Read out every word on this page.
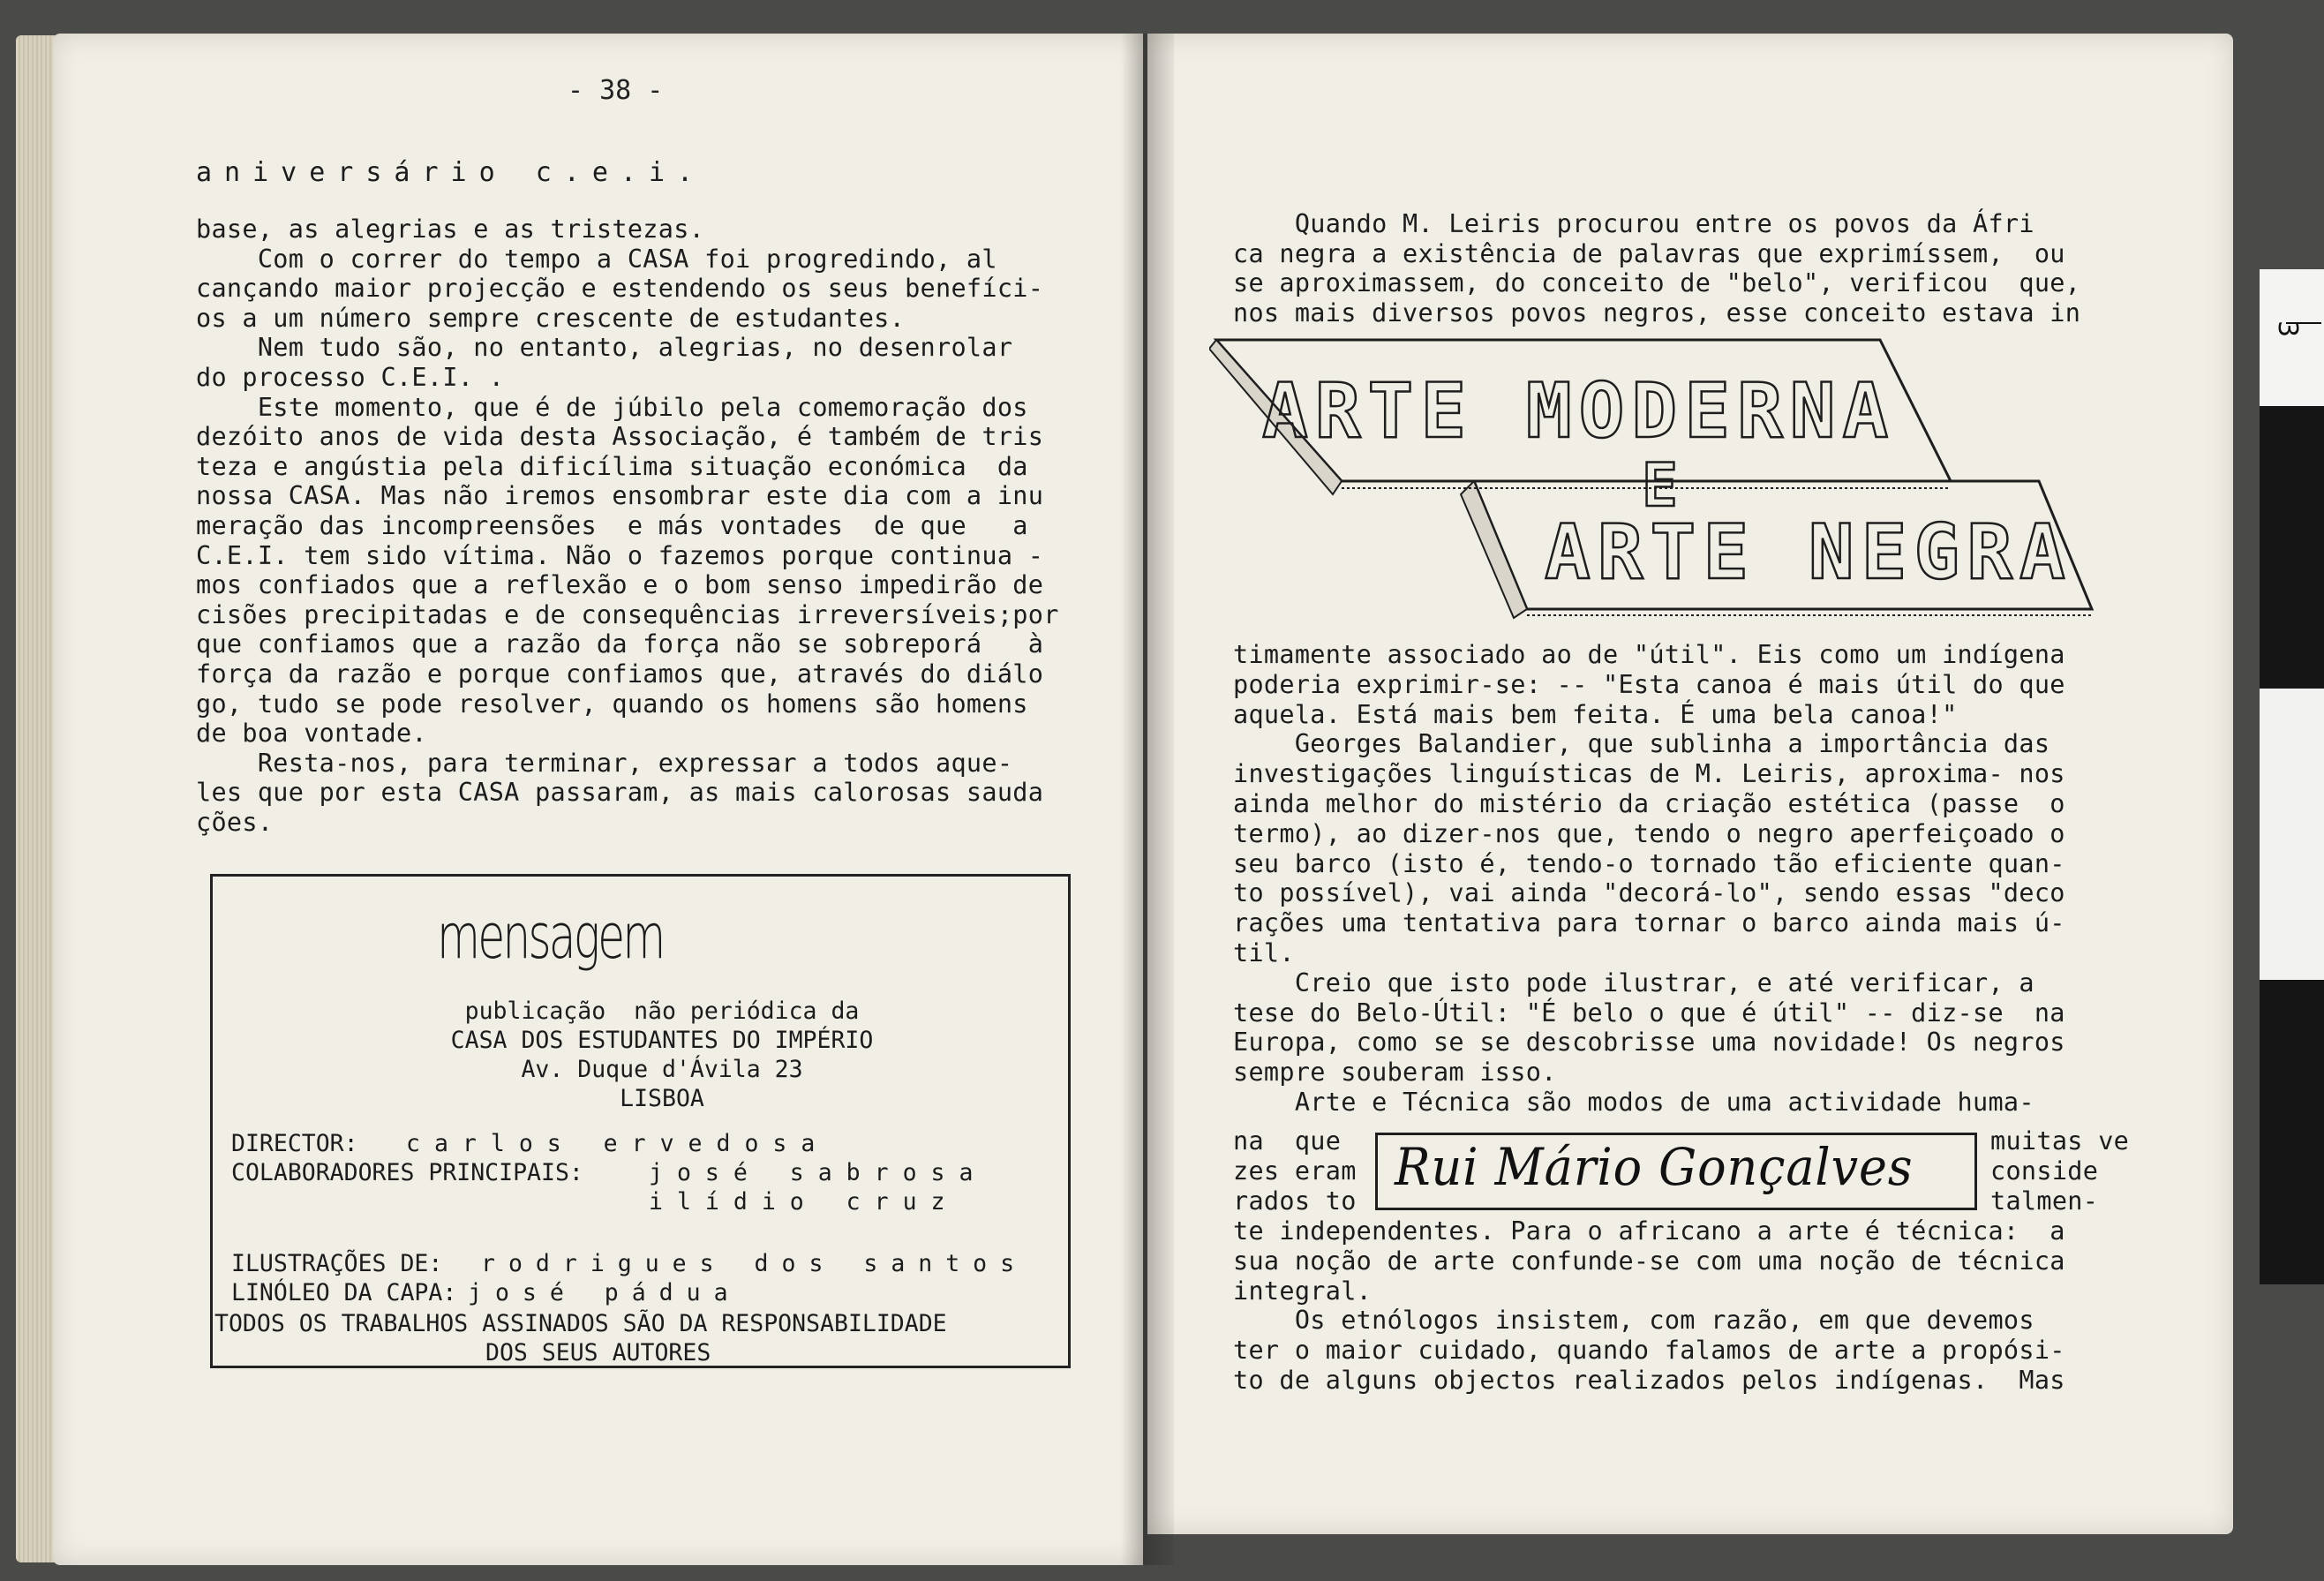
3
- 38 -
aniversário c.e.i.
base, as alegrias e as tristezas.
Com o correr do tempo a CASA foi progredindo, al
cançando maior projecção e estendendo os seus benefíci-
os a um número sempre crescente de estudantes.
Nem tudo são, no entanto, alegrias, no desenrolar
do processo C.E.I. .
Este momento, que é de júbilo pela comemoração dos
dezóito anos de vida desta Associação, é também de tris
teza e angústia pela dificílima situação económica  da
nossa CASA. Mas não iremos ensombrar este dia com a inu
meração das incompreensões  e más vontades  de que   a
C.E.I. tem sido vítima. Não o fazemos porque continua -
mos confiados que a reflexão e o bom senso impedirão de
cisões precipitadas e de consequências irreversíveis;por
que confiamos que a razão da força não se sobreporá   à
força da razão e porque confiamos que, através do diálo
go, tudo se pode resolver, quando os homens são homens
de boa vontade.
Resta-nos, para terminar, expressar a todos aque-
les que por esta CASA passaram, as mais calorosas sauda
ções.
mensagem
publicação  não periódica da
CASA DOS ESTUDANTES DO IMPÉRIO
Av. Duque d'Ávila 23
LISBOA
DIRECTOR: carlos ervedosa
COLABORADORES PRINCIPAIS:	josé sabrosa
ilídio cruz
ILUSTRAÇÕES DE: rodrigues dos santos
LINÓLEO DA CAPA: josé pádua
TODOS OS TRABALHOS ASSINADOS SÃO DA RESPONSABILIDADE
DOS SEUS AUTORES
Quando M. Leiris procurou entre os povos da Áfri
ca negra a existência de palavras que exprimíssem,  ou
se aproximassem, do conceito de "belo", verificou  que,
nos mais diversos povos negros, esse conceito estava in
ARTE MODERNA
E
ARTE NEGRA
timamente associado ao de "útil". Eis como um indígena
poderia exprimir-se: -- "Esta canoa é mais útil do que
aquela. Está mais bem feita. É uma bela canoa!"
Georges Balandier, que sublinha a importância das
investigações linguísticas de M. Leiris, aproxima- nos
ainda melhor do mistério da criação estética (passe  o
termo), ao dizer-nos que, tendo o negro aperfeiçoado o
seu barco (isto é, tendo-o tornado tão eficiente quan-
to possível), vai ainda "decorá-lo", sendo essas "deco
rações uma tentativa para tornar o barco ainda mais ú-
til.
Creio que isto pode ilustrar, e até verificar, a
tese do Belo-Útil: "É belo o que é útil" -- diz-se  na
Europa, como se se descobrisse uma novidade! Os negros
sempre souberam isso.
Arte e Técnica são modos de uma actividade huma-
na  que
zes eram
rados to
muitas ve
conside
talmen-
Rui Mário Gonçalves
te independentes. Para o africano a arte é técnica:  a
sua noção de arte confunde-se com uma noção de técnica
integral.
Os etnólogos insistem, com razão, em que devemos
ter o maior cuidado, quando falamos de arte a propósi-
to de alguns objectos realizados pelos indígenas.  Mas
